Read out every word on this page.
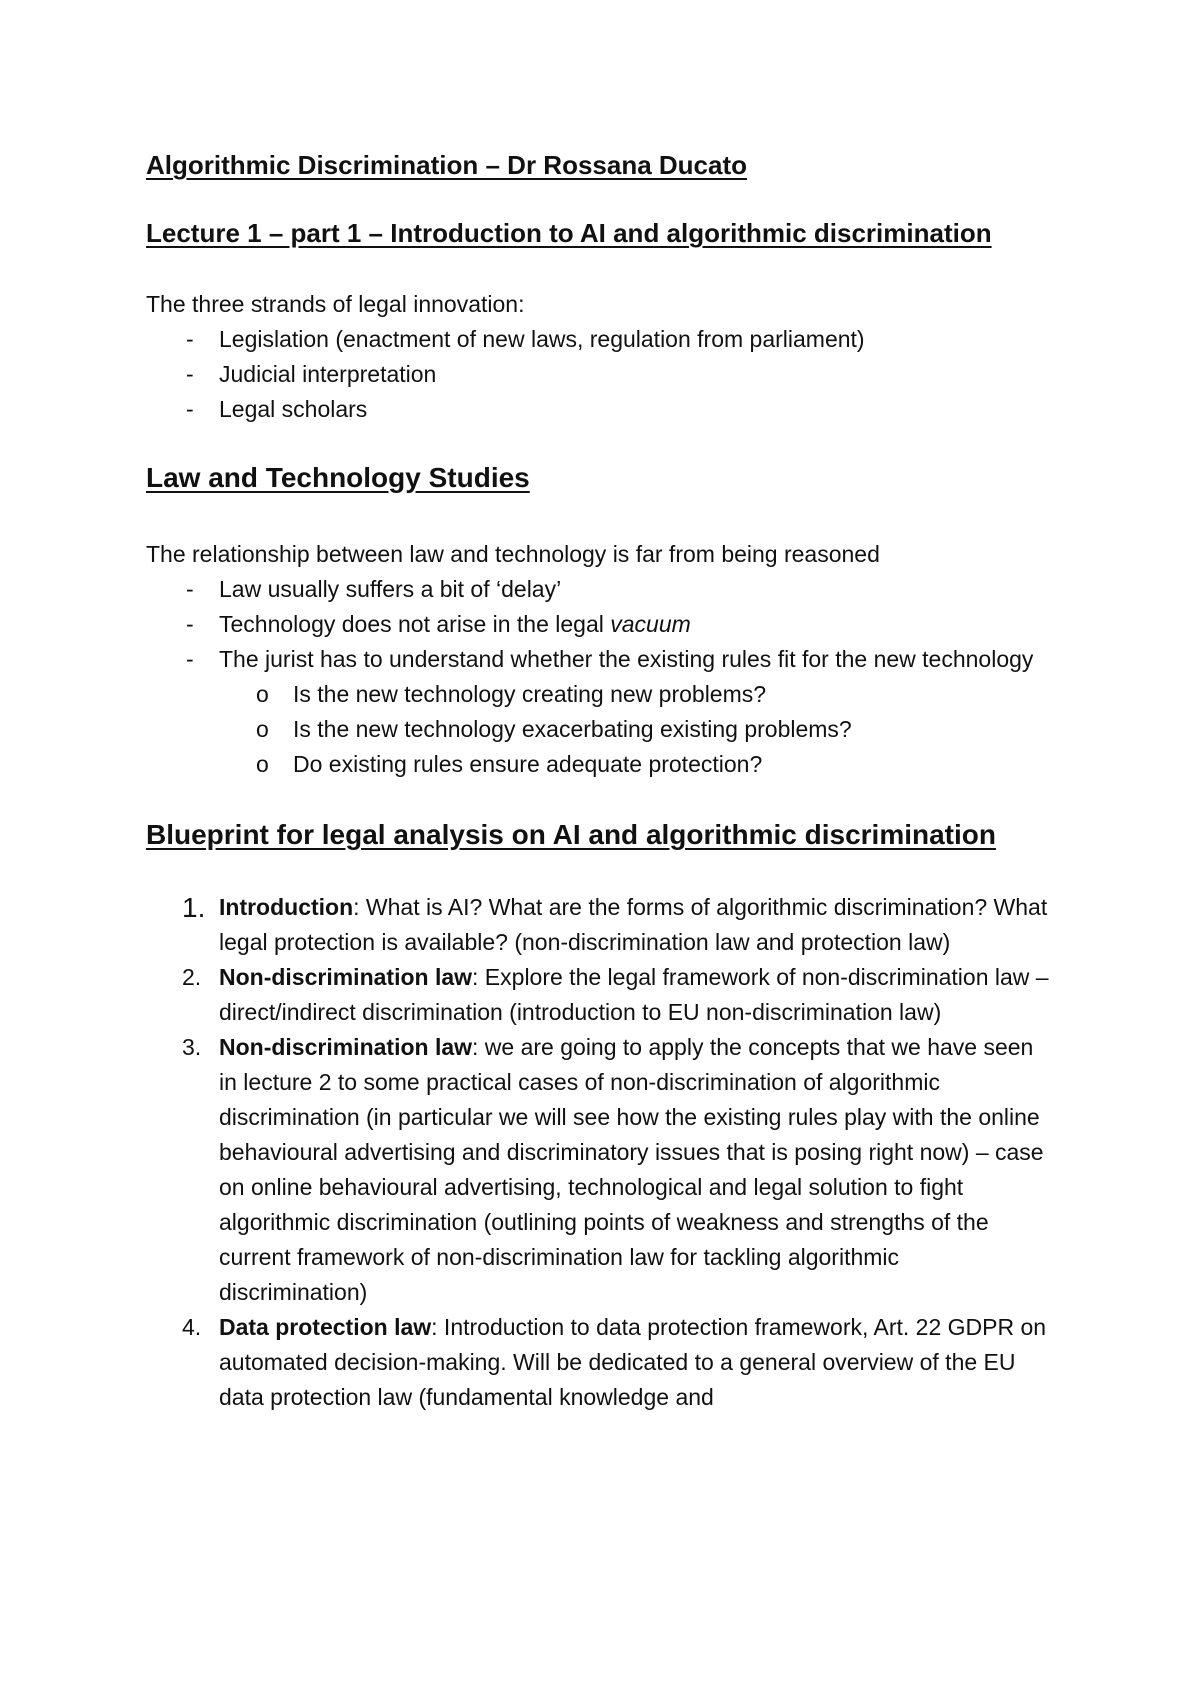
Algorithmic Discrimination – Dr Rossana Ducato
Lecture 1 – part 1 – Introduction to AI and algorithmic discrimination

The three strands of legal innovation:

- Legislation (enactment of new laws, regulation from parliament)
- Judicial interpretation
- Legal scholars
Law and Technology Studies

The relationship between law and technology is far from being reasoned

- Law usually suffers a bit of ‘delay’
- Technology does not arise in the legal vacuum
- The jurist has to understand whether the existing rules fit for the new technology
o Is the new technology creating new problems?
o Is the new technology exacerbating existing problems?
o Do existing rules ensure adequate protection?
Blueprint for legal analysis on AI and algorithmic discrimination
1. Introduction: What is AI? What are the forms of algorithmic discrimination? What legal protection is available? (non-discrimination law and protection law)
2. Non-discrimination law: Explore the legal framework of non-discrimination law – direct/indirect discrimination (introduction to EU non-discrimination law)
3. Non-discrimination law: we are going to apply the concepts that we have seen in lecture 2 to some practical cases of non-discrimination of algorithmic discrimination (in particular we will see how the existing rules play with the online behavioural advertising and discriminatory issues that is posing right now) – case on online behavioural advertising, technological and legal solution to fight algorithmic discrimination (outlining points of weakness and strengths of the current framework of non-discrimination law for tackling algorithmic discrimination)
4. Data protection law: Introduction to data protection framework, Art. 22 GDPR on automated decision-making. Will be dedicated to a general overview of the EU data protection law (fundamental knowledge and
